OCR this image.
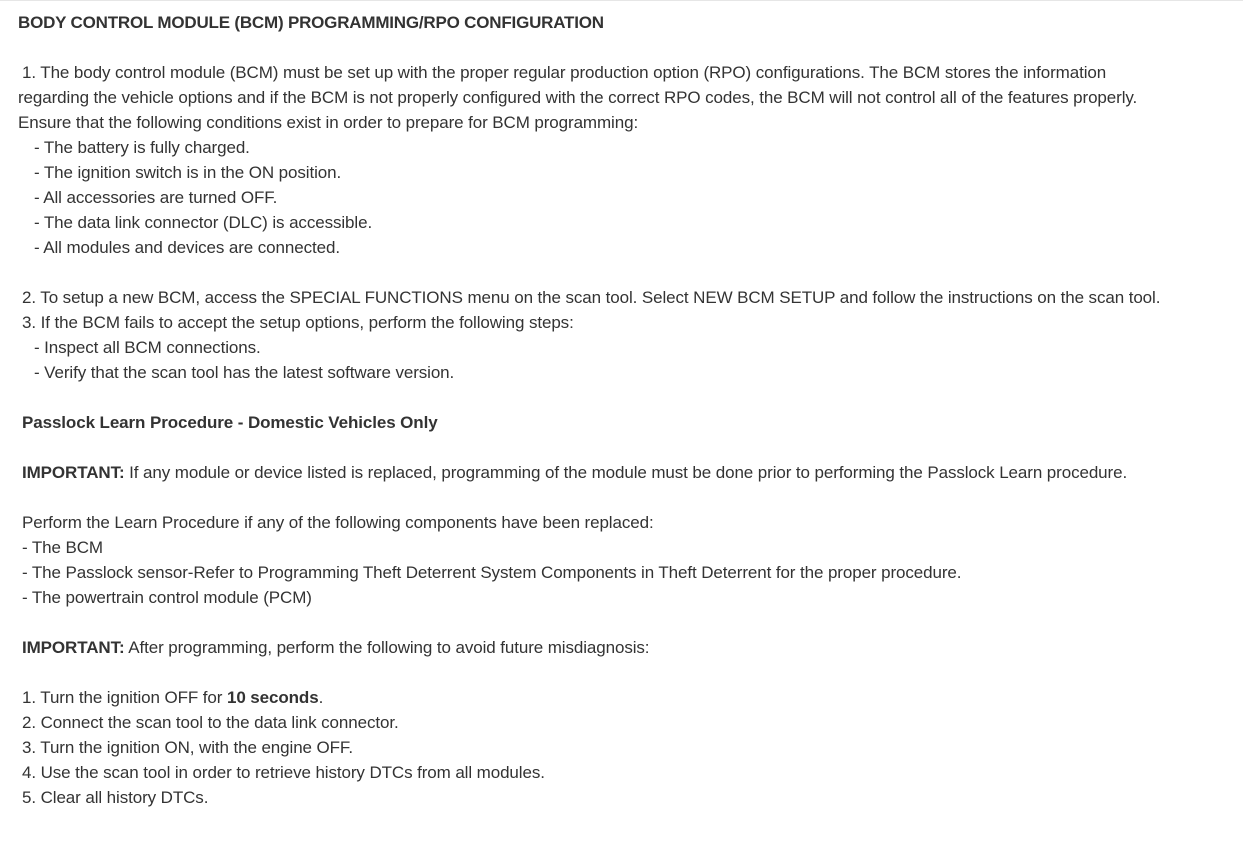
BODY CONTROL MODULE (BCM) PROGRAMMING/RPO CONFIGURATION
1. The body control module (BCM) must be set up with the proper regular production option (RPO) configurations. The BCM stores the information
regarding the vehicle options and if the BCM is not properly configured with the correct RPO codes, the BCM will not control all of the features properly.
Ensure that the following conditions exist in order to prepare for BCM programming:
- The battery is fully charged.
- The ignition switch is in the ON position.
- All accessories are turned OFF.
- The data link connector (DLC) is accessible.
- All modules and devices are connected.
2. To setup a new BCM, access the SPECIAL FUNCTIONS menu on the scan tool. Select NEW BCM SETUP and follow the instructions on the scan tool.
3. If the BCM fails to accept the setup options, perform the following steps:
- Inspect all BCM connections.
- Verify that the scan tool has the latest software version.
Passlock Learn Procedure - Domestic Vehicles Only
IMPORTANT: If any module or device listed is replaced, programming of the module must be done prior to performing the Passlock Learn procedure.
Perform the Learn Procedure if any of the following components have been replaced:
- The BCM
- The Passlock sensor-Refer to Programming Theft Deterrent System Components in Theft Deterrent for the proper procedure.
- The powertrain control module (PCM)
IMPORTANT: After programming, perform the following to avoid future misdiagnosis:
1. Turn the ignition OFF for 10 seconds.
2. Connect the scan tool to the data link connector.
3. Turn the ignition ON, with the engine OFF.
4. Use the scan tool in order to retrieve history DTCs from all modules.
5. Clear all history DTCs.
